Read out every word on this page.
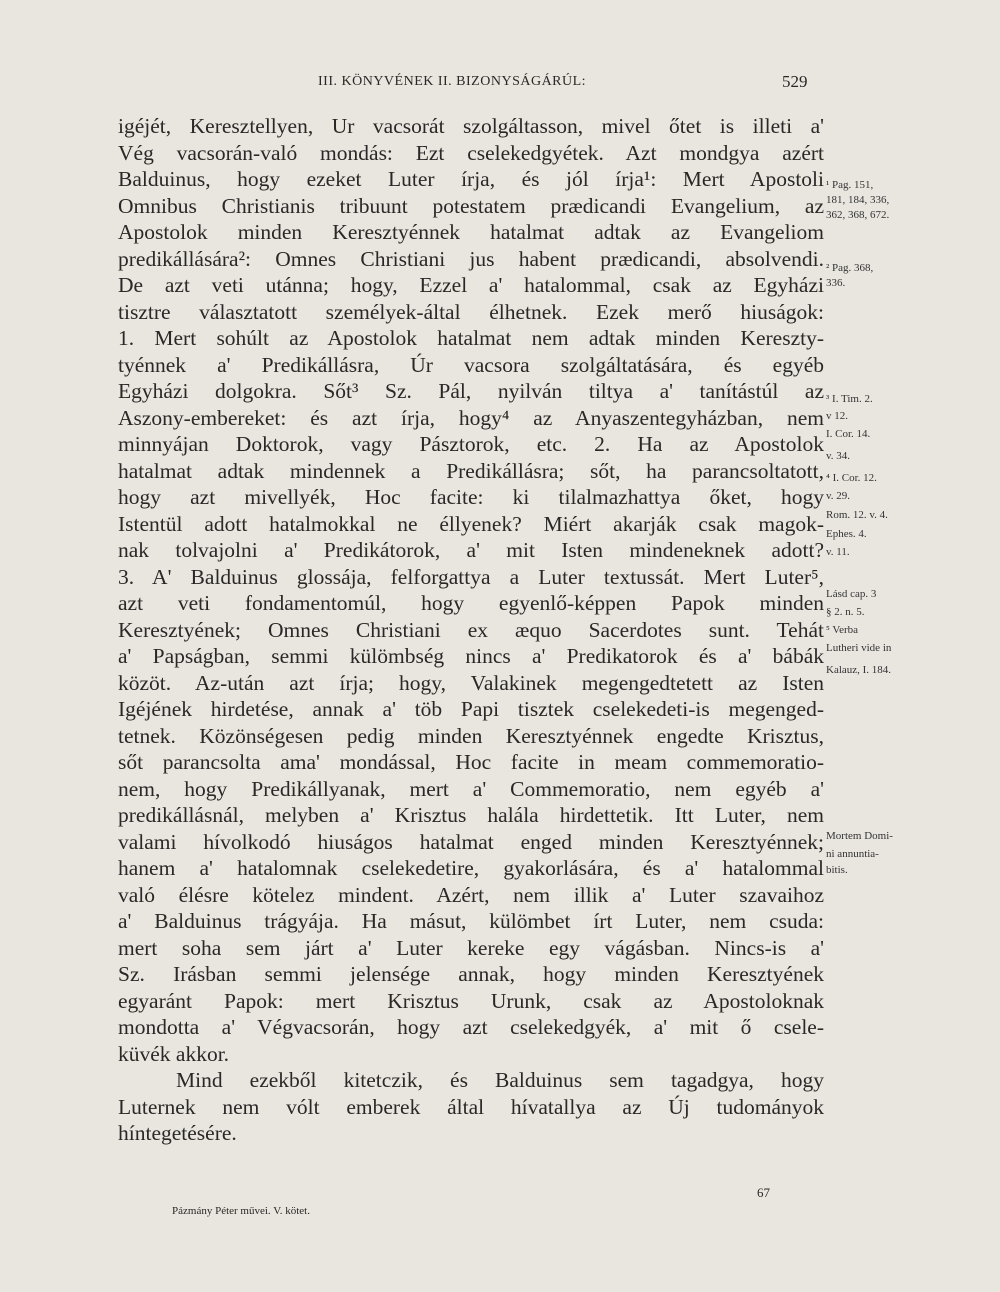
III. KÖNYVÉNEK II. BIZONYSÁGÁRÚL:	529
igéjét, Keresztellyen, Ur vacsorát szolgáltasson, mivel őtet is illeti a'
Vég vacsorán-való mondás: Ezt cselekedgyétek. Azt mondgya azért
Balduinus, hogy ezeket Luter írja, és jól írja¹: Mert Apostoli
Omnibus Christianis tribuunt potestatem prædicandi Evangelium, az
Apostolok minden Keresztyénnek hatalmat adtak az Evangeliom
predikállására²: Omnes Christiani jus habent prædicandi, absolvendi.
De azt veti utánna; hogy, Ezzel a' hatalommal, csak az Egyházi
tisztre választatott személyek-által élhetnek. Ezek merő hiuságok:
1. Mert sohúlt az Apostolok hatalmat nem adtak minden Kereszty-
tyénnek a' Predikállásra, Úr vacsora szolgáltatására, és egyéb
Egyházi dolgokra. Sőt³ Sz. Pál, nyilván tiltya a' tanítástúl az
Aszony-embereket: és azt írja, hogy⁴ az Anyaszentegyházban, nem
minnyájan Doktorok, vagy Pásztorok, etc. 2. Ha az Apostolok
hatalmat adtak mindennek a Predikállásra; sőt, ha parancsoltatott,
hogy azt mivellyék, Hoc facite: ki tilalmazhattya őket, hogy
Istentül adott hatalmokkal ne éllyenek? Miért akarják csak magok-
nak tolvajolni a' Predikátorok, a' mit Isten mindeneknek adott?
3. A' Balduinus glossája, felforgattya a Luter textussát. Mert Luter⁵,
azt veti fondamentomúl, hogy egyenlő-képpen Papok minden
Keresztyének; Omnes Christiani ex æquo Sacerdotes sunt. Tehát
a' Papságban, semmi külömbség nincs a' Predikatorok és a' bábák
közöt. Az-után azt írja; hogy, Valakinek megengedtetett az Isten
Igéjének hirdetése, annak a' töb Papi tisztek cselekedeti-is megenged-
tetnek. Közönségesen pedig minden Keresztyénnek engedte Krisztus,
sőt parancsolta ama' mondással, Hoc facite in meam commemoratio-
nem, hogy Predikállyanak, mert a' Commemoratio, nem egyéb a'
predikállásnál, melyben a' Krisztus halála hirdettetik. Itt Luter, nem
valami hívolkodó hiuságos hatalmat enged minden Keresztyénnek;
hanem a' hatalomnak cselekedetire, gyakorlására, és a' hatalommal
való élésre kötelez mindent. Azért, nem illik a' Luter szavaihoz
a' Balduinus trágyája. Ha másut, külömbet írt Luter, nem csuda:
mert soha sem járt a' Luter kereke egy vágásban. Nincs-is a'
Sz. Irásban semmi jelensége annak, hogy minden Keresztyének
egyaránt Papok: mert Krisztus Urunk, csak az Apostoloknak
mondotta a' Végvacsorán, hogy azt cselekedgyék, a' mit ő csele-
küvék akkor.
Mind ezekből kitetczik, és Balduinus sem tagadgya, hogy
Luternek nem vólt emberek által hívatallya az Új tudományok
híntegetésére.
¹ Pag. 151,
181, 184, 336,
362, 368, 672.
² Pag. 368,
336.
³ I. Tim. 2.
v 12.
I. Cor. 14.
v. 34.
⁴ I. Cor. 12.
v. 29.
Rom. 12. v. 4.
Ephes. 4.
v. 11.
Lásd cap. 3
§ 2. n. 5.
⁵ Verba
Lutheri vide in
Kalauz, I. 184.
Mortem Domi-
ni annuntia-
bitis.
Pázmány Péter művei. V. kötet.
67
